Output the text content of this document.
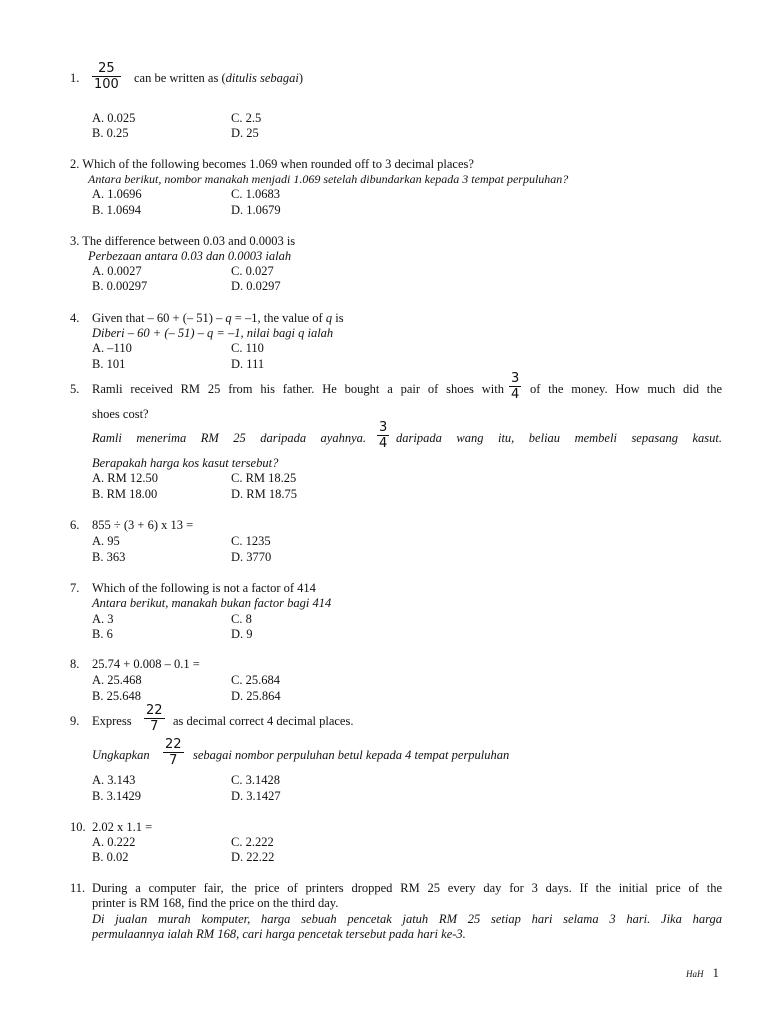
1.
25
100 can be written as (ditulis sebagai)
A. 0.025	C. 2.5
B. 0.25	D. 25
2. Which of the following becomes 1.069 when rounded off to 3 decimal places?
Antara berikut, nombor manakah menjadi 1.069 setelah dibundarkan kepada 3 tempat perpuluhan?
A. 1.0696	C. 1.0683
B. 1.0694	D. 1.0679
3. The difference between 0.03 and 0.0003 is
Perbezaan antara 0.03 dan 0.0003 ialah
A. 0.0027	C. 0.027
B. 0.00297	D. 0.0297
4. Given that – 60 + (– 51) – q = –1, the value of q is
Diberi – 60 + (– 51) – q = –1, nilai bagi q ialah
A. –110	C. 110
B. 101	D. 111
5. Ramli received RM 25 from his father. He bought a pair of shoes with
3
4 of the money. How much did the
shoes cost?
Ramli menerima RM 25 daripada ayahnya.
3
4 daripada wang itu, beliau membeli sepasang kasut.
Berapakah harga kos kasut tersebut?
A. RM 12.50	C. RM 18.25
B. RM 18.00	D. RM 18.75
6. 855 ÷ (3 + 6) x 13 =
A. 95	C. 1235
B. 363	D. 3770
7. Which of the following is not a factor of 414
Antara berikut, manakah bukan factor bagi 414
A. 3	C. 8
B. 6	D. 9
8. 25.74 + 0.008 – 0.1 =
A. 25.468	C. 25.684
B. 25.648	D. 25.864
9. Express
22
7 as decimal correct 4 decimal places.
Ungkapkan
22
7 sebagai nombor perpuluhan betul kepada 4 tempat perpuluhan
A. 3.143	C. 3.1428
B. 3.1429	D. 3.1427
10. 2.02 x 1.1 =
A. 0.222	C. 2.222
B. 0.02	D. 22.22
11. During a computer fair, the price of printers dropped RM 25 every day for 3 days. If the initial price of the
printer is RM 168, find the price on the third day.
Di jualan murah komputer, harga sebuah pencetak jatuh RM 25 setiap hari selama 3 hari. Jika harga
permulaannya ialah RM 168, cari harga pencetak tersebut pada hari ke-3.
HaH 1
